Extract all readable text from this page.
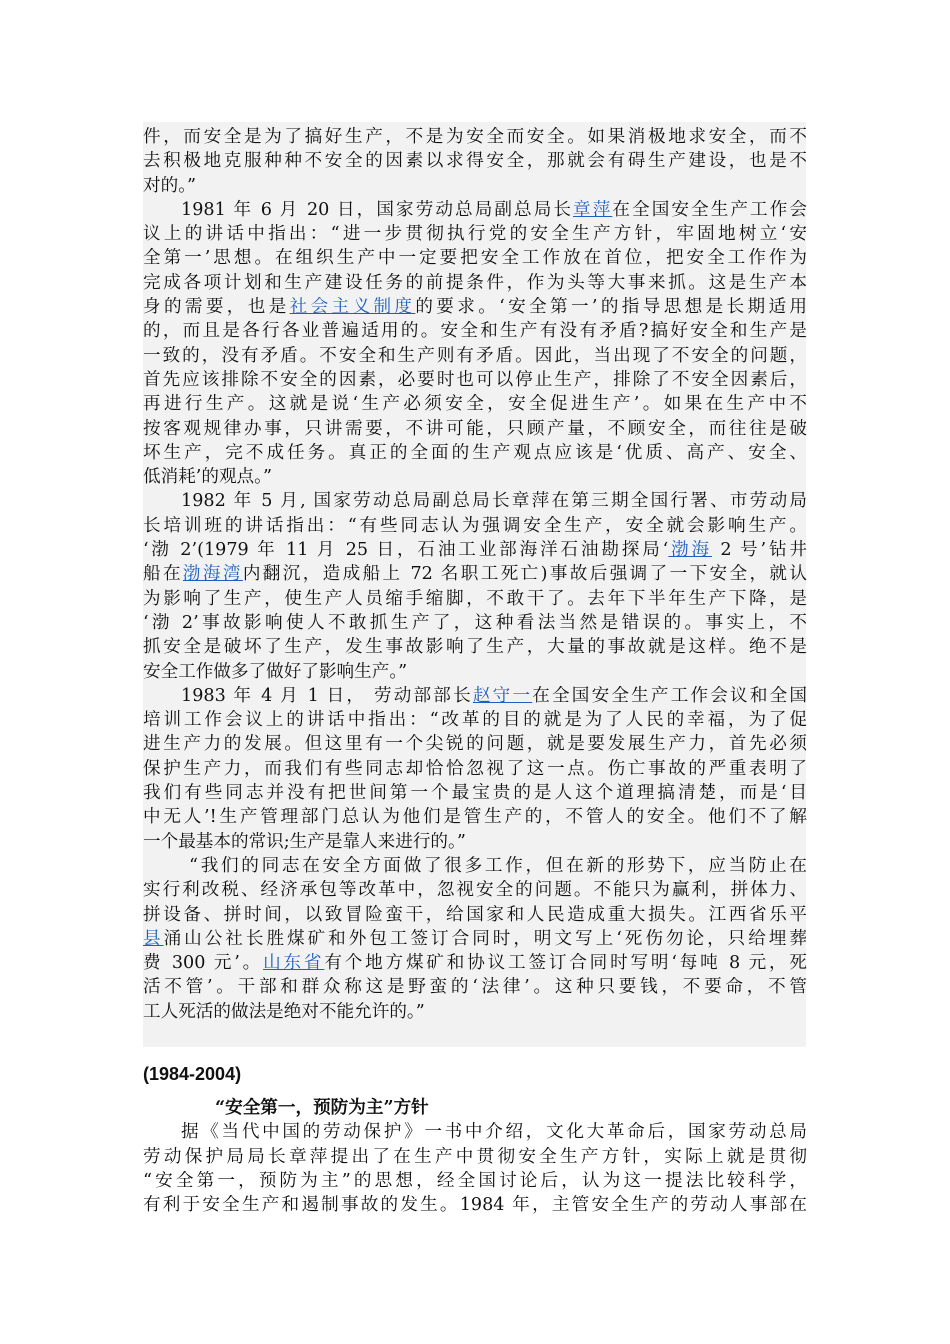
件，而安全是为了搞好生产，不是为安全而安全。如果消极地求安全，而不
去积极地克服种种不安全的因素以求得安全，那就会有碍生产建设，也是不
对的。”
1981 年 6 月 20 日，国家劳动总局副总局长章萍在全国安全生产工作会
议上的讲话中指出：“进一步贯彻执行党的安全生产方针，牢固地树立‘安
全第一’思想。在组织生产中一定要把安全工作放在首位，把安全工作作为
完成各项计划和生产建设任务的前提条件，作为头等大事来抓。这是生产本
身的需要，也是社会主义制度的要求。‘安全第一’的指导思想是长期适用
的，而且是各行各业普遍适用的。安全和生产有没有矛盾?搞好安全和生产是
一致的，没有矛盾。不安全和生产则有矛盾。因此，当出现了不安全的问题，
首先应该排除不安全的因素，必要时也可以停止生产，排除了不安全因素后，
再进行生产。这就是说‘生产必须安全，安全促进生产’。如果在生产中不
按客观规律办事，只讲需要，不讲可能，只顾产量，不顾安全，而往往是破
坏生产，完不成任务。真正的全面的生产观点应该是‘优质、高产、安全、
低消耗’的观点。”
1982 年 5 月, 国家劳动总局副总局长章萍在第三期全国行署、市劳动局
长培训班的讲话指出：“有些同志认为强调安全生产，安全就会影响生产。
‘渤 2’(1979 年 11 月 25 日，石油工业部海洋石油勘探局‘渤海 2 号’钻井
船在渤海湾内翻沉，造成船上 72 名职工死亡)事故后强调了一下安全，就认
为影响了生产，使生产人员缩手缩脚，不敢干了。去年下半年生产下降，是
‘渤 2’事故影响使人不敢抓生产了，这种看法当然是错误的。事实上，不
抓安全是破坏了生产，发生事故影响了生产，大量的事故就是这样。绝不是
安全工作做多了做好了影响生产。”
1983 年 4 月 1 日， 劳动部部长赵守一在全国安全生产工作会议和全国
培训工作会议上的讲话中指出：“改革的目的就是为了人民的幸福，为了促
进生产力的发展。但这里有一个尖锐的问题，就是要发展生产力，首先必须
保护生产力，而我们有些同志却恰恰忽视了这一点。伤亡事故的严重表明了
我们有些同志并没有把世间第一个最宝贵的是人这个道理搞清楚，而是‘目
中无人’!生产管理部门总认为他们是管生产的，不管人的安全。他们不了解
一个最基本的常识;生产是靠人来进行的。”
“我们的同志在安全方面做了很多工作，但在新的形势下，应当防止在
实行利改税、经济承包等改革中，忽视安全的问题。不能只为赢利，拼体力、
拼设备、拼时间，以致冒险蛮干，给国家和人民造成重大损失。江西省乐平
县涌山公社长胜煤矿和外包工签订合同时，明文写上‘死伤勿论，只给埋葬
费 300 元’。山东省有个地方煤矿和协议工签订合同时写明‘每吨 8 元，死
活不管’。干部和群众称这是野蛮的‘法律’。这种只要钱，不要命，不管
工人死活的做法是绝对不能允许的。”
(1984-2004)
“安全第一，预防为主”方针
据《当代中国的劳动保护》一书中介绍，文化大革命后，国家劳动总局
劳动保护局局长章萍提出了在生产中贯彻安全生产方针，实际上就是贯彻
“安全第一，预防为主”的思想，经全国讨论后，认为这一提法比较科学，
有利于安全生产和遏制事故的发生。1984 年，主管安全生产的劳动人事部在
